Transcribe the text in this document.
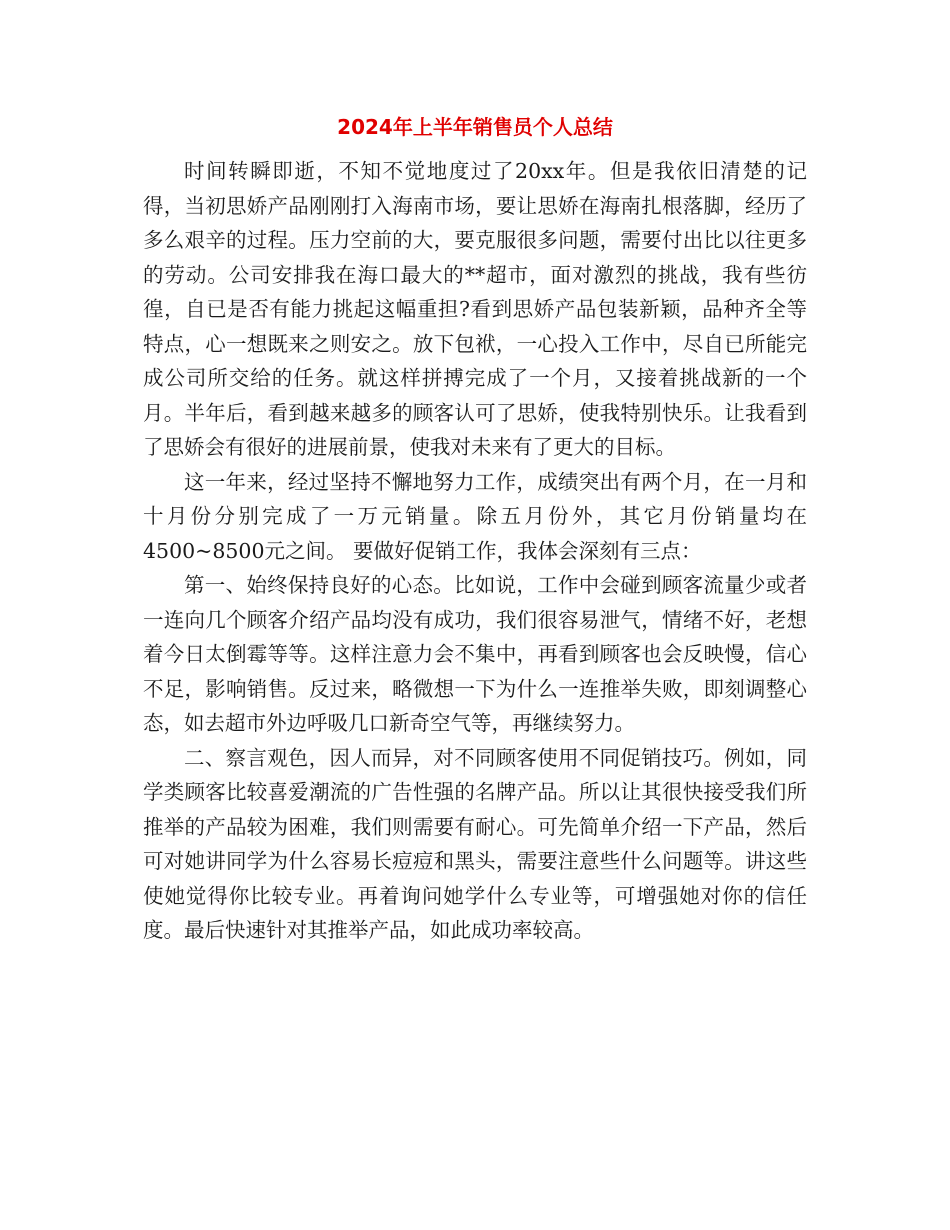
2024年上半年销售员个人总结

时间转瞬即逝，不知不觉地度过了20xx年。但是我依旧清楚的记得，当初思娇产品刚刚打入海南市场，要让思娇在海南扎根落脚，经历了多么艰辛的过程。压力空前的大，要克服很多问题，需要付出比以往更多的劳动。公司安排我在海口最大的**超市，面对激烈的挑战，我有些彷徨，自已是否有能力挑起这幅重担?看到思娇产品包装新颖，品种齐全等特点，心一想既来之则安之。放下包袱，一心投入工作中，尽自已所能完成公司所交给的任务。就这样拼搏完成了一个月，又接着挑战新的一个月。半年后，看到越来越多的顾客认可了思娇，使我特别快乐。让我看到了思娇会有很好的进展前景，使我对未来有了更大的目标。

这一年来，经过坚持不懈地努力工作，成绩突出有两个月，在一月和十月份分别完成了一万元销量。除五月份外，其它月份销量均在4500~8500元之间。 要做好促销工作，我体会深刻有三点：

第一、始终保持良好的心态。比如说，工作中会碰到顾客流量少或者一连向几个顾客介绍产品均没有成功，我们很容易泄气，情绪不好，老想着今日太倒霉等等。这样注意力会不集中，再看到顾客也会反映慢，信心不足，影响销售。反过来，略微想一下为什么一连推举失败，即刻调整心态，如去超市外边呼吸几口新奇空气等，再继续努力。

二、察言观色，因人而异，对不同顾客使用不同促销技巧。例如，同学类顾客比较喜爱潮流的广告性强的名牌产品。所以让其很快接受我们所推举的产品较为困难，我们则需要有耐心。可先简单介绍一下产品，然后可对她讲同学为什么容易长痘痘和黑头，需要注意些什么问题等。讲这些使她觉得你比较专业。再着询问她学什么专业等，可增强她对你的信任度。最后快速针对其推举产品，如此成功率较高。
